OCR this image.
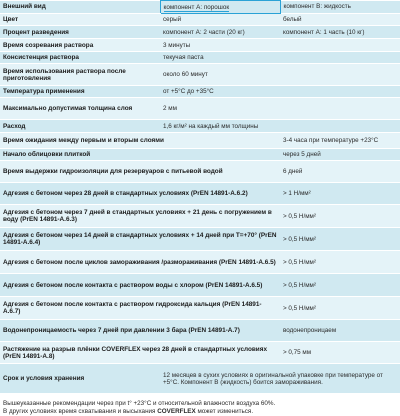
Внешний вид	компонент А: порошок	компонент В: жидкость
Цвет	серый	белый
Процент разведения	компонент А: 2 части (20 кг)	компонент А: 1 часть (10 кг)
Время созревания раствора	3 минуты	
Консистенция раствора	текучая паста	
Время использования раствора после приготовления	около 60 минут	
Температура применения	от +5°C до +35°C	
Максимально допустимая толщина слоя	2 мм	
Расход	1,6 кг/м² на каждый мм толщины	
Время ожидания между первым и вторым слоями		3-4 часа при температуре +23°C
Начало облицовки плиткой		через 5 дней
Время выдержки гидроизоляции для резервуаров с питьевой водой		6 дней
Адгезия с бетоном через 28 дней в стандартных условиях (PrEN 14891-A.6.2)		> 1 Н/мм²
Адгезия с бетоном через 7 дней в стандартных условиях + 21 день с погружением в воду (PrEN 14891-A.6.3)		> 0,5 Н/мм²
Адгезия с бетоном через 14 дней в стандартных условиях + 14 дней при T=+70° (PrEN 14891-A.6.4)		> 0,5 Н/мм²
Адгезия с бетоном после циклов замораживания /размораживания (PrEN 14891-A.6.5)		> 0,5 Н/мм²
Адгезия с бетоном после контакта с раствором воды с хлором (PrEN 14891-A.6.5)		> 0,5 Н/мм²
Адгезия с бетоном после контакта с раствором гидроксида кальция (PrEN 14891-A.6.7)		> 0,5 Н/мм²
Водонепроницаемость через 7 дней при давлении 3 бара (PrEN 14891-A.7)		водонепроницаем
Растяжение на разрыв плёнки COVERFLEX через 28 дней в стандартных условиях (PrEN 14891-A.8)		> 0,75 мм
Срок и условия хранения	12 месяцев в сухих условиях в оригинальной упаковке при температуре от +5°C. Компонент В (жидкость) боится замораживания.	
Вышеуказанные рекомендации через при t° +23°C и относительной влажности воздуха 60%.
В других условиях время схватывания и высыхания COVERFLEX может измениться.
